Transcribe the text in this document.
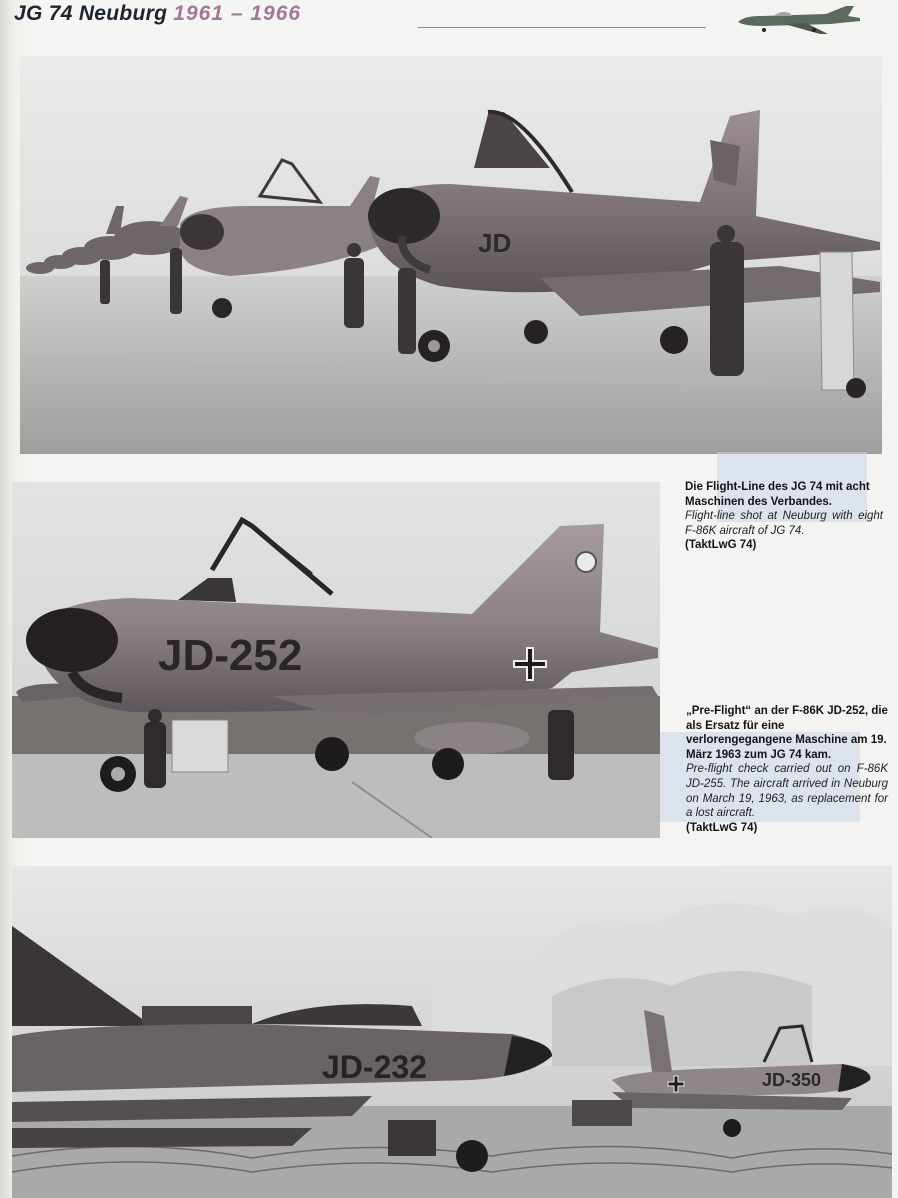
JG 74 Neuburg 1961 – 1966
JD
JD-252
JD-232	JD-350
Die Flight-Line des JG 74 mit acht Maschinen des Verbandes.
Flight-line shot at Neuburg with eight F-86K aircraft of JG 74.
(TaktLwG 74)
„Pre-Flight“ an der F-86K JD-252, die als Ersatz für eine verlorengegangene Maschine am 19. März 1963 zum JG 74 kam.
Pre-flight check carried out on F-86K JD-255. The aircraft arrived in Neuburg on March 19, 1963, as replacement for a lost aircraft.
(TaktLwG 74)
